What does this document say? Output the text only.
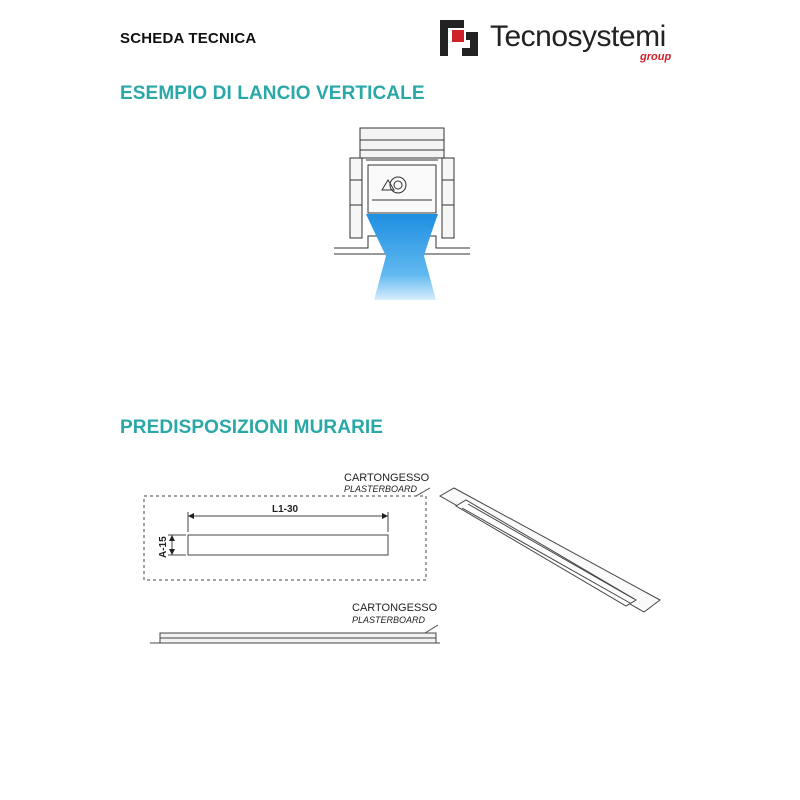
SCHEDA TECNICA	Tecnosystemi
group
ESEMPIO DI LANCIO VERTICALE
PREDISPOSIZIONI MURARIE
CARTONGESSO
PLASTERBOARD
L1-30
A-15
CARTONGESSO
PLASTERBOARD
